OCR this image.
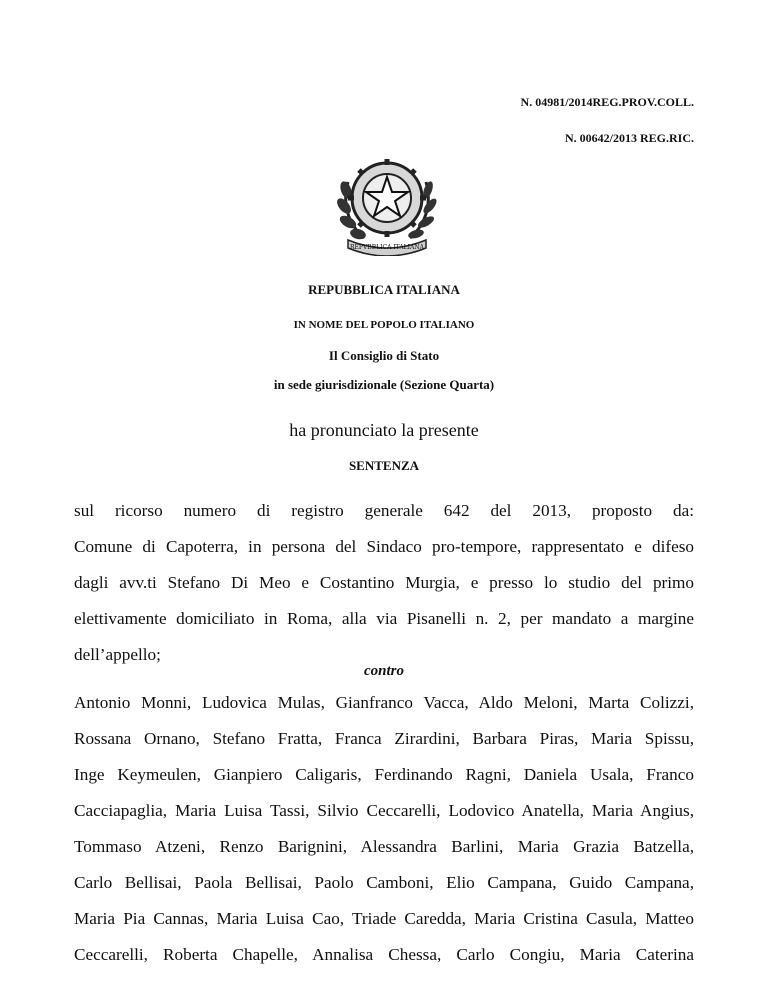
N. 04981/2014REG.PROV.COLL.
N. 00642/2013 REG.RIC.
REPVBBLICA ITALIANA
REPUBBLICA ITALIANA
IN NOME DEL POPOLO ITALIANO
Il Consiglio di Stato
in sede giurisdizionale (Sezione Quarta)
ha pronunciato la presente
SENTENZA
sul ricorso numero di registro generale 642 del 2013, proposto da:
Comune di Capoterra, in persona del Sindaco pro-tempore, rappresentato e difeso
dagli avv.ti Stefano Di Meo e Costantino Murgia, e presso lo studio del primo
elettivamente domiciliato in Roma, alla via Pisanelli n. 2, per mandato a margine
dell’appello;
contro
Antonio Monni, Ludovica Mulas, Gianfranco Vacca, Aldo Meloni, Marta Colizzi,
Rossana Ornano, Stefano Fratta, Franca Zirardini, Barbara Piras, Maria Spissu,
Inge Keymeulen, Gianpiero Caligaris, Ferdinando Ragni, Daniela Usala, Franco
Cacciapaglia, Maria Luisa Tassi, Silvio Ceccarelli, Lodovico Anatella, Maria Angius,
Tommaso Atzeni, Renzo Barignini, Alessandra Barlini, Maria Grazia Batzella,
Carlo Bellisai, Paola Bellisai, Paolo Camboni, Elio Campana, Guido Campana,
Maria Pia Cannas, Maria Luisa Cao, Triade Caredda, Maria Cristina Casula, Matteo
Ceccarelli, Roberta Chapelle, Annalisa Chessa, Carlo Congiu, Maria Caterina
